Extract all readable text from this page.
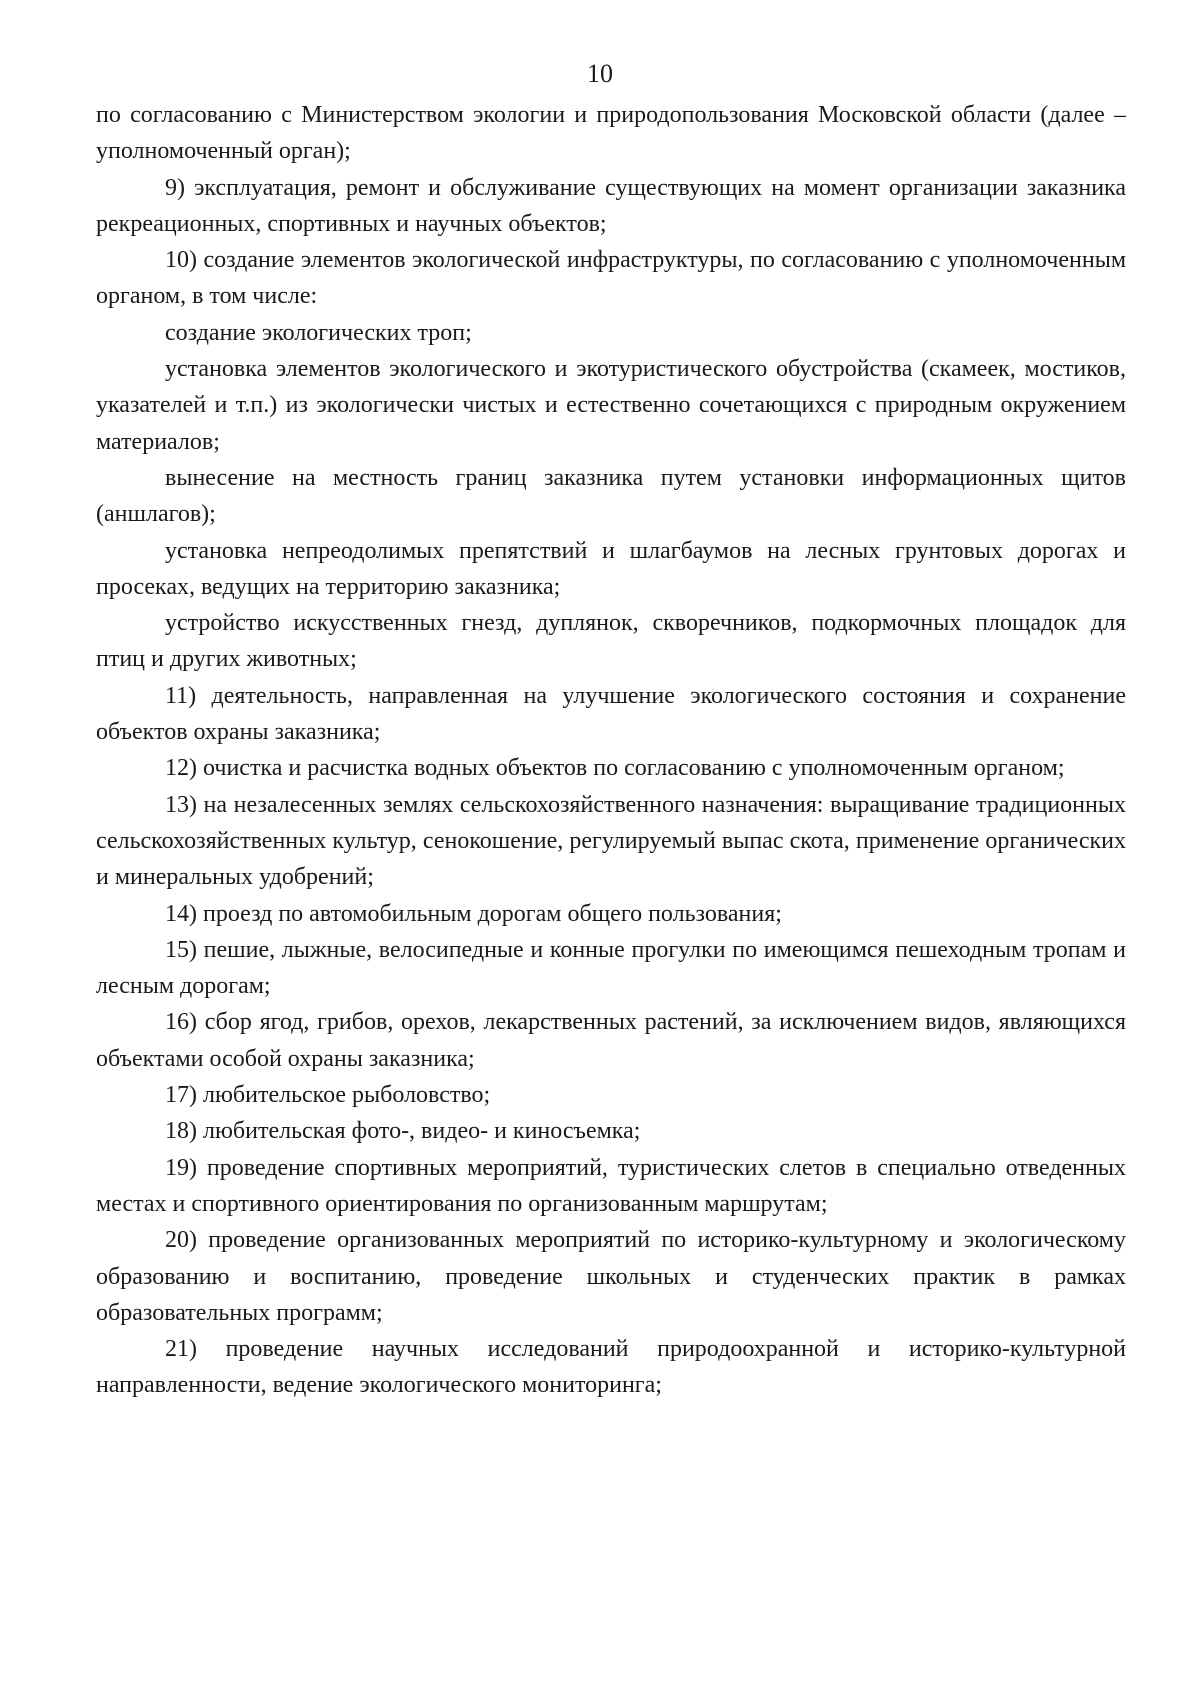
10

по согласованию с Министерством экологии и природопользования Московской области (далее – уполномоченный орган);

9) эксплуатация, ремонт и обслуживание существующих на момент организации заказника рекреационных, спортивных и научных объектов;

10) создание элементов экологической инфраструктуры, по согласованию с уполномоченным органом, в том числе:

создание экологических троп;

установка элементов экологического и экотуристического обустройства (скамеек, мостиков, указателей и т.п.) из экологически чистых и естественно сочетающихся с природным окружением материалов;

вынесение на местность границ заказника путем установки информационных щитов (аншлагов);

установка непреодолимых препятствий и шлагбаумов на лесных грунтовых дорогах и просеках, ведущих на территорию заказника;

устройство искусственных гнезд, дуплянок, скворечников, подкормочных площадок для птиц и других животных;

11) деятельность, направленная на улучшение экологического состояния и сохранение объектов охраны заказника;

12) очистка и расчистка водных объектов по согласованию с уполномоченным органом;

13) на незалесенных землях сельскохозяйственного назначения: выращивание традиционных сельскохозяйственных культур, сенокошение, регулируемый выпас скота, применение органических и минеральных удобрений;

14) проезд по автомобильным дорогам общего пользования;

15) пешие, лыжные, велосипедные и конные прогулки по имеющимся пешеходным тропам и лесным дорогам;

16) сбор ягод, грибов, орехов, лекарственных растений, за исключением видов, являющихся объектами особой охраны заказника;

17) любительское рыболовство;

18) любительская фото-, видео- и киносъемка;

19) проведение спортивных мероприятий, туристических слетов в специально отведенных местах и спортивного ориентирования по организованным маршрутам;

20) проведение организованных мероприятий по историко-культурному и экологическому образованию и воспитанию, проведение школьных и студенческих практик в рамках образовательных программ;

21) проведение научных исследований природоохранной и историко-культурной направленности, ведение экологического мониторинга;
